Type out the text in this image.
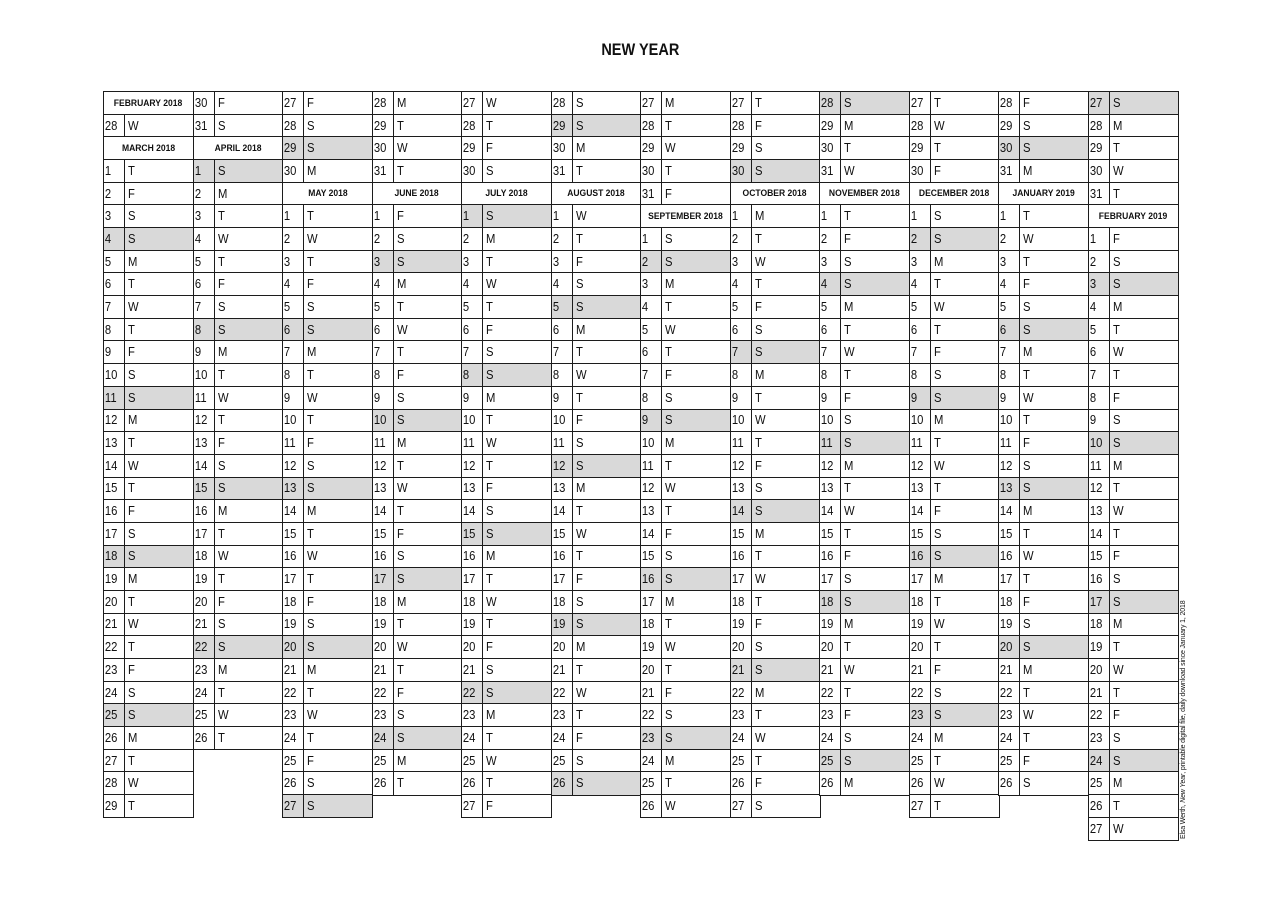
NEW YEAR
FEBRUARY 2018
28 W
MARCH 2018
1 T
2 F
3 S
4 S
5 M
6 T
7 W
8 T
9 F
10 S
11 S
12 M
13 T
14 W
15 T
16 F
17 S
18 S
19 M
20 T
21 W
22 T
23 F
24 S
25 S
26 M
27 T
28 W
29 T
30 F
31 S
APRIL 2018
1 S
2 M
3 T
4 W
5 T
6 F
7 S
8 S
9 M
10 T
11 W
12 T
13 F
14 S
15 S
16 M
17 T
18 W
19 T
20 F
21 S
22 S
23 M
24 T
25 W
26 T
27 F
28 S
29 S
30 M
MAY 2018
1 T
2 W
3 T
4 F
5 S
6 S
7 M
8 T
9 W
10 T
11 F
12 S
13 S
14 M
15 T
16 W
17 T
18 F
19 S
20 S
21 M
22 T
23 W
24 T
25 F
26 S
27 S
28 M
29 T
30 W
31 T
JUNE 2018
1 F
2 S
3 S
4 M
5 T
6 W
7 T
8 F
9 S
10 S
11 M
12 T
13 W
14 T
15 F
16 S
17 S
18 M
19 T
20 W
21 T
22 F
23 S
24 S
25 M
26 T
27 W
28 T
29 F
30 S
JULY 2018
1 S
2 M
3 T
4 W
5 T
6 F
7 S
8 S
9 M
10 T
11 W
12 T
13 F
14 S
15 S
16 M
17 T
18 W
19 T
20 F
21 S
22 S
23 M
24 T
25 W
26 T
27 F
28 S
29 S
30 M
31 T
AUGUST 2018
1 W
2 T
3 F
4 S
5 S
6 M
7 T
8 W
9 T
10 F
11 S
12 S
13 M
14 T
15 W
16 T
17 F
18 S
19 S
20 M
21 T
22 W
23 T
24 F
25 S
26 S
27 M
28 T
29 W
30 T
31 F
SEPTEMBER 2018
1 S
2 S
3 M
4 T
5 W
6 T
7 F
8 S
9 S
10 M
11 T
12 W
13 T
14 F
15 S
16 S
17 M
18 T
19 W
20 T
21 F
22 S
23 S
24 M
25 T
26 W
27 T
28 F
29 S
30 S
OCTOBER 2018
1 M
2 T
3 W
4 T
5 F
6 S
7 S
8 M
9 T
10 W
11 T
12 F
13 S
14 S
15 M
16 T
17 W
18 T
19 F
20 S
21 S
22 M
23 T
24 W
25 T
26 F
27 S
28 S
29 M
30 T
31 W
NOVEMBER 2018
1 T
2 F
3 S
4 S
5 M
6 T
7 W
8 T
9 F
10 S
11 S
12 M
13 T
14 W
15 T
16 F
17 S
18 S
19 M
20 T
21 W
22 T
23 F
24 S
25 S
26 M
27 T
28 W
29 T
30 F
DECEMBER 2018
1 S
2 S
3 M
4 T
5 W
6 T
7 F
8 S
9 S
10 M
11 T
12 W
13 T
14 F
15 S
16 S
17 M
18 T
19 W
20 T
21 F
22 S
23 S
24 M
25 T
26 W
27 T
28 F
29 S
30 S
31 M
JANUARY 2019
1 T
2 W
3 T
4 F
5 S
6 S
7 M
8 T
9 W
10 T
11 F
12 S
13 S
14 M
15 T
16 W
17 T
18 F
19 S
20 S
21 M
22 T
23 W
24 T
25 F
26 S
27 S
28 M
29 T
30 W
31 T
FEBRUARY 2019
1 F
2 S
3 S
4 M
5 T
6 W
7 T
8 F
9 S
10 S
11 M
12 T
13 W
14 T
15 F
16 S
17 S
18 M
19 T
20 W
21 T
22 F
23 S
24 S
25 M
26 T
27 W	Elsa Werth, New Year, printable digital file, daily download since January 1, 2018
